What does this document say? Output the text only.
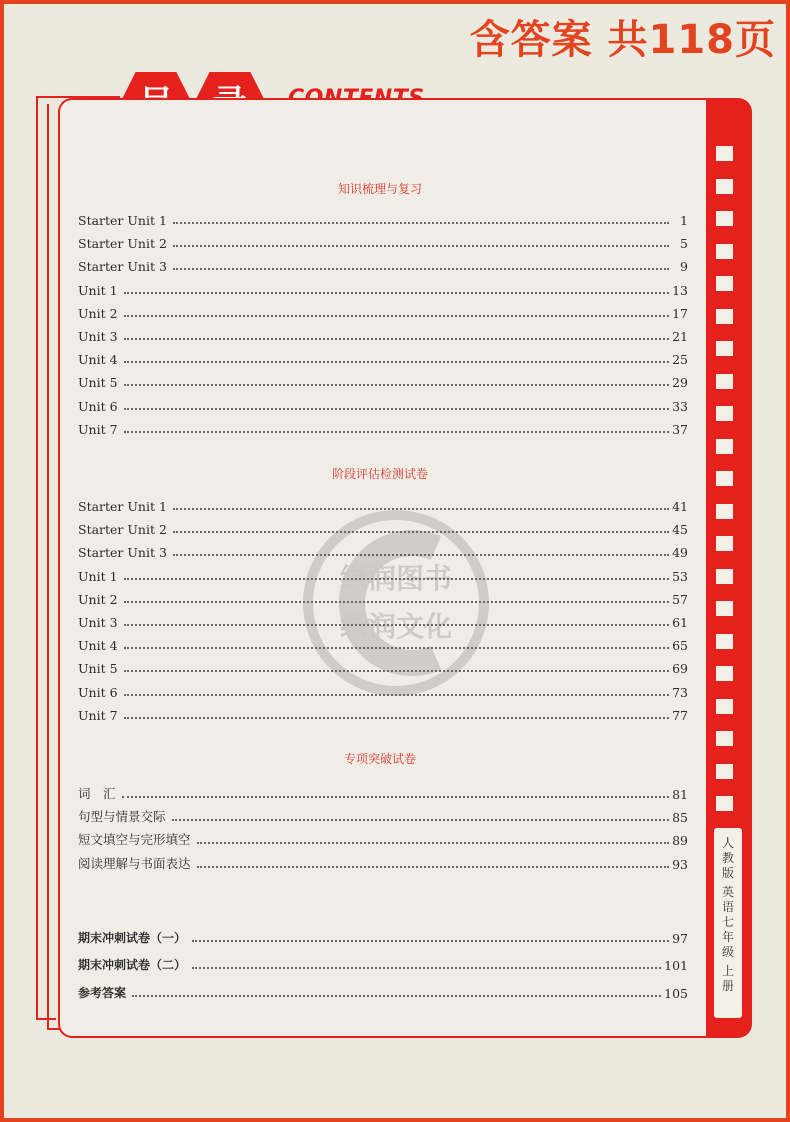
含答案 共118页
人
教
版
英
语
七
年
级
上
册
绿润图书
绿润文化
知识梳理与复习
阶段评估检测试卷
专项突破试卷
Starter Unit 1	1
Starter Unit 2	5
Starter Unit 3	9
Unit 1	13
Unit 2	17
Unit 3	21
Unit 4	25
Unit 5	29
Unit 6	33
Unit 7	37
Starter Unit 1	41
Starter Unit 2	45
Starter Unit 3	49
Unit 1	53
Unit 2	57
Unit 3	61
Unit 4	65
Unit 5	69
Unit 6	73
Unit 7	77
词　汇	81
句型与情景交际	85
短文填空与完形填空	89
阅读理解与书面表达	93
期末冲刺试卷（一）	97
期末冲刺试卷（二）	101
参考答案	105
